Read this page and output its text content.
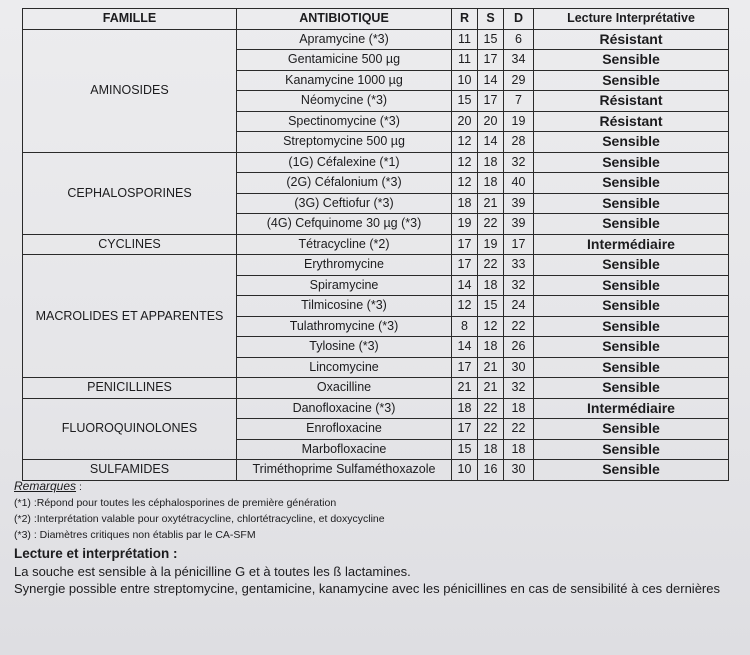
FAMILLE	ANTIBIOTIQUE	R	S	D	Lecture Interprétative
AMINOSIDES	Apramycine (*3)	11	15	6	Résistant
	Gentamicine 500 µg	11	17	34	Sensible
	Kanamycine 1000 µg	10	14	29	Sensible
	Néomycine (*3)	15	17	7	Résistant
	Spectinomycine (*3)	20	20	19	Résistant
	Streptomycine 500 µg	12	14	28	Sensible
CEPHALOSPORINES	(1G) Céfalexine (*1)	12	18	32	Sensible
	(2G) Céfalonium (*3)	12	18	40	Sensible
	(3G) Ceftiofur (*3)	18	21	39	Sensible
	(4G) Cefquinome 30 µg (*3)	19	22	39	Sensible
CYCLINES	Tétracycline (*2)	17	19	17	Intermédiaire
MACROLIDES ET APPARENTES	Erythromycine	17	22	33	Sensible
	Spiramycine	14	18	32	Sensible
	Tilmicosine (*3)	12	15	24	Sensible
	Tulathromycine (*3)	8	12	22	Sensible
	Tylosine (*3)	14	18	26	Sensible
	Lincomycine	17	21	30	Sensible
PENICILLINES	Oxacilline	21	21	32	Sensible
FLUOROQUINOLONES	Danofloxacine (*3)	18	22	18	Intermédiaire
	Enrofloxacine	17	22	22	Sensible
	Marbofloxacine	15	18	18	Sensible
SULFAMIDES	Triméthoprime Sulfaméthoxazole	10	16	30	Sensible
Remarques :
(*1) :Répond pour toutes les céphalosporines de première génération
(*2) :Interprétation valable pour oxytétracycline, chlortétracycline, et doxycycline
(*3) : Diamètres critiques non établis par le CA-SFM
Lecture et interprétation :
La souche est sensible à la pénicilline G et à toutes les ß lactamines.
Synergie possible entre streptomycine, gentamicine, kanamycine avec les pénicillines en cas de sensibilité à ces dernières
